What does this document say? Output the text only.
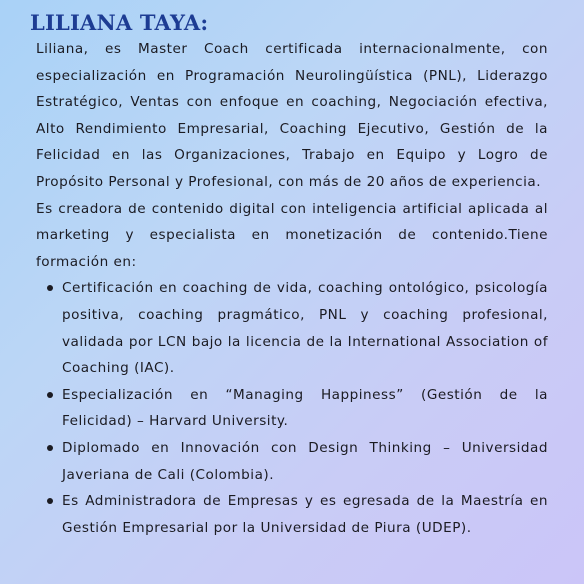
LILIANA TAYA:

Liliana, es Master Coach certificada internacionalmente, con especialización en Programación Neurolingüística (PNL), Liderazgo Estratégico, Ventas con enfoque en coaching, Negociación efectiva, Alto Rendimiento Empresarial, Coaching Ejecutivo, Gestión de la Felicidad en las Organizaciones, Trabajo en Equipo y Logro de Propósito Personal y Profesional, con más de 20 años de experiencia.

Es creadora de contenido digital con inteligencia artificial aplicada al marketing y especialista en monetización de contenido.Tiene formación en:

Certificación en coaching de vida, coaching ontológico, psicología positiva, coaching pragmático, PNL y coaching profesional, validada por LCN bajo la licencia de la International Association of Coaching (IAC).
Especialización en “Managing Happiness” (Gestión de la Felicidad) – Harvard University.
Diplomado en Innovación con Design Thinking – Universidad Javeriana de Cali (Colombia).
Es Administradora de Empresas y es egresada de la Maestría en Gestión Empresarial por la Universidad de Piura (UDEP).
